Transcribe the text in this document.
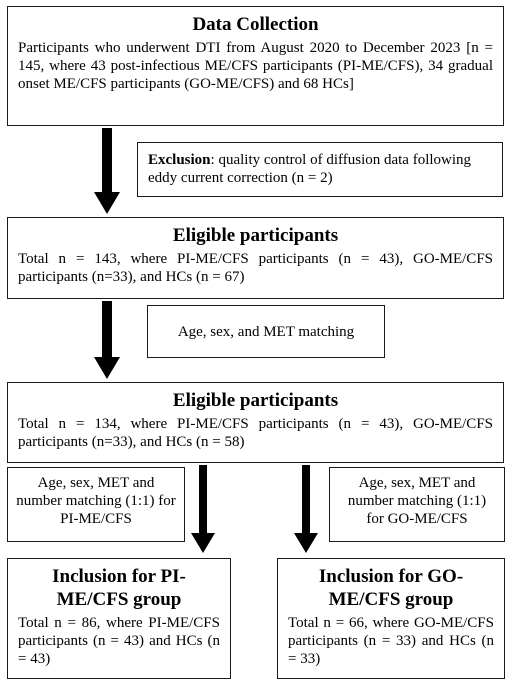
Data Collection
Participants who underwent DTI from August 2020 to December 2023 [n = 145, where 43 post-infectious ME/CFS participants (PI-ME/CFS), 34 gradual onset ME/CFS participants (GO-ME/CFS) and 68 HCs]
Exclusion: quality control of diffusion data following eddy current correction (n = 2)
Eligible participants
Total n = 143, where PI-ME/CFS participants (n = 43), GO-ME/CFS participants (n=33), and HCs (n = 67)
Age, sex, and MET matching
Eligible participants
Total n = 134, where PI-ME/CFS participants (n = 43), GO-ME/CFS participants (n=33), and HCs (n = 58)
Age, sex, MET and number matching (1:1) for PI-ME/CFS
Age, sex, MET and number matching (1:1) for GO-ME/CFS
Inclusion for PI-ME/CFS group
Total n = 86, where PI-ME/CFS participants (n = 43) and HCs (n = 43)
Inclusion for GO-ME/CFS group
Total n = 66, where GO-ME/CFS participants (n = 33) and HCs (n = 33)
